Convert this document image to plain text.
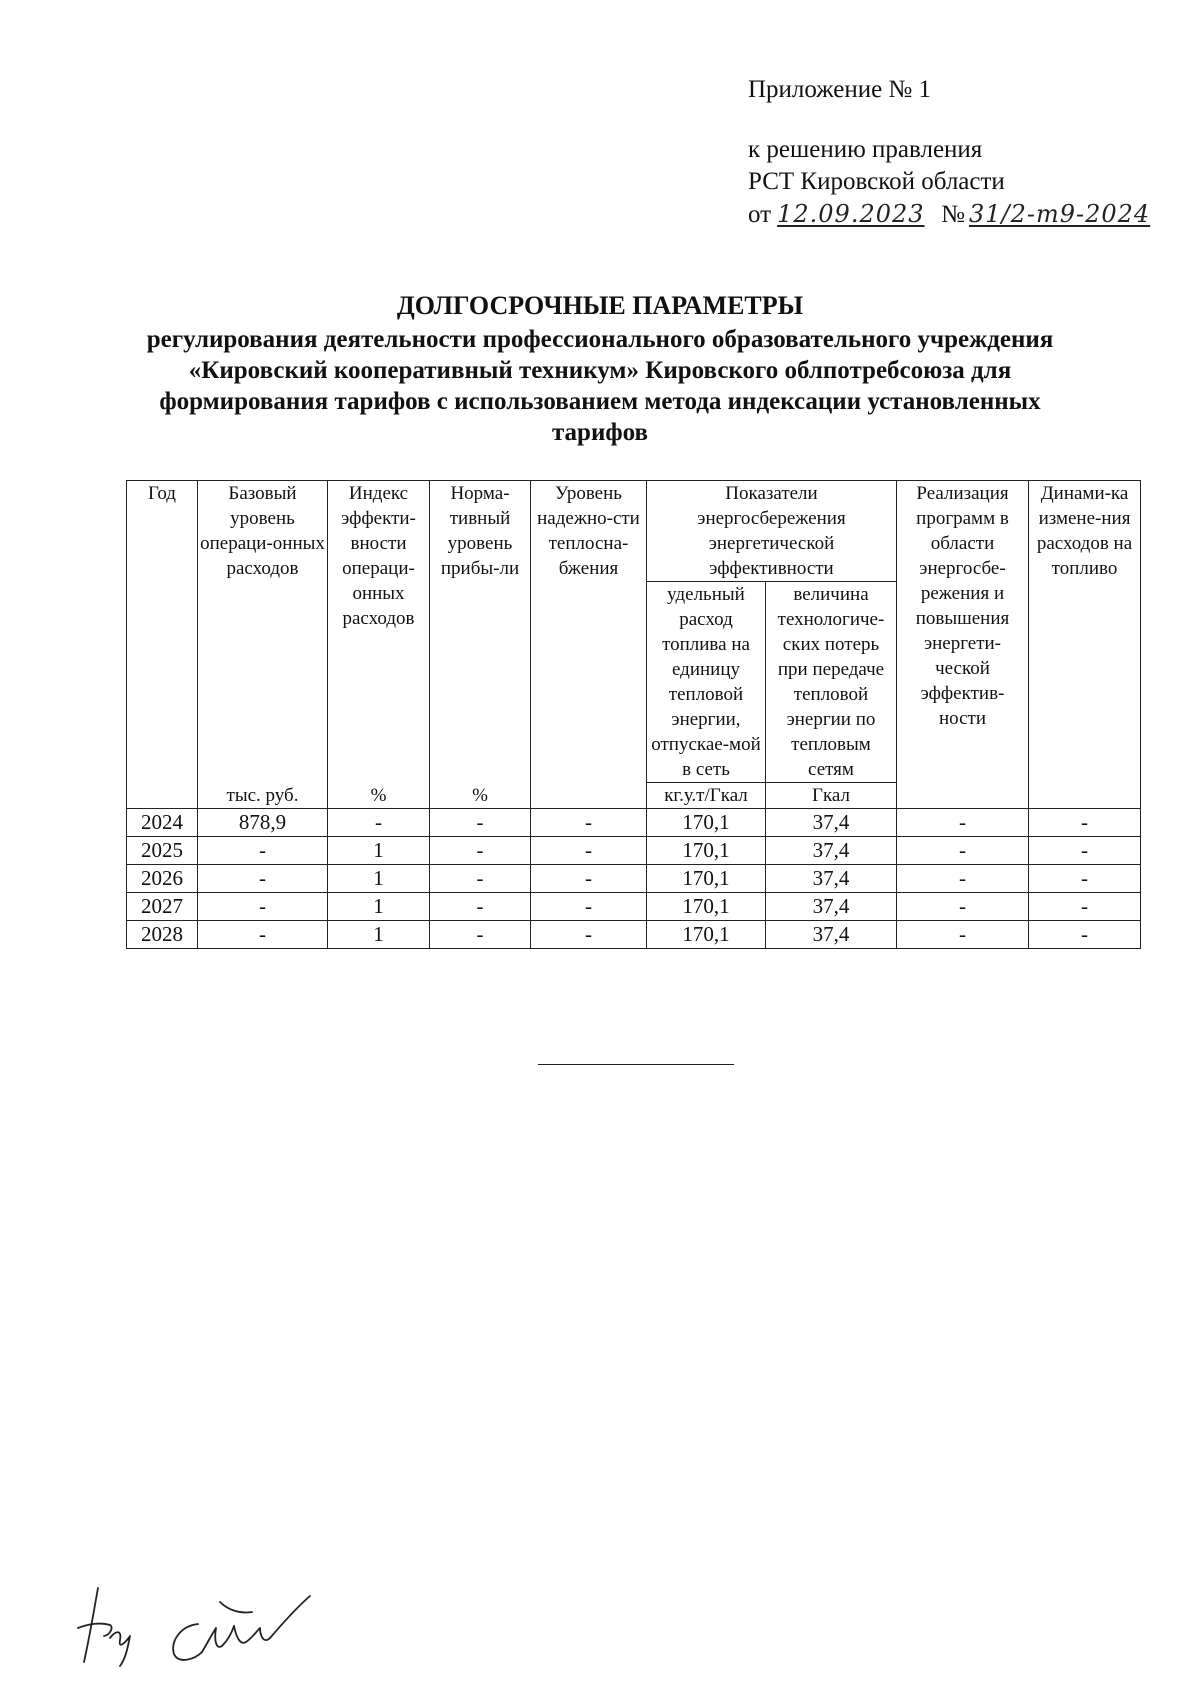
Приложение № 1
к решению правления
РСТ Кировской области
от 12.09.2023 № 31/2-т9-2024
ДОЛГОСРОЧНЫЕ ПАРАМЕТРЫ
регулирования деятельности профессионального образовательного учреждения «Кировский кооперативный техникум» Кировского облпотребсоюза для формирования тарифов с использованием метода индексации установленных тарифов
Год	Базовый уровень операци-онных расходов	Индекс эффекти-вности операци-онных расходов	Норма-тивный уровень прибы-ли	Уровень надежно-сти теплосна-бжения	Показатели энергосбережения энергетической эффективности		Реализация программ в области энергосбе-режения и повышения энергети-ческой эффектив-ности	Динами-ка измене-ния расходов на топливо
					удельный расход топлива на единицу тепловой энергии, отпускае-мой в сеть	величина технологиче-ских потерь при передаче тепловой энергии по тепловым сетям		
	тыс. руб.	%	%		кг.у.т/Гкал	Гкал		
2024	878,9	-	-	-	170,1	37,4	-	-
2025	-	1	-	-	170,1	37,4	-	-
2026	-	1	-	-	170,1	37,4	-	-
2027	-	1	-	-	170,1	37,4	-	-
2028	-	1	-	-	170,1	37,4	-	-
